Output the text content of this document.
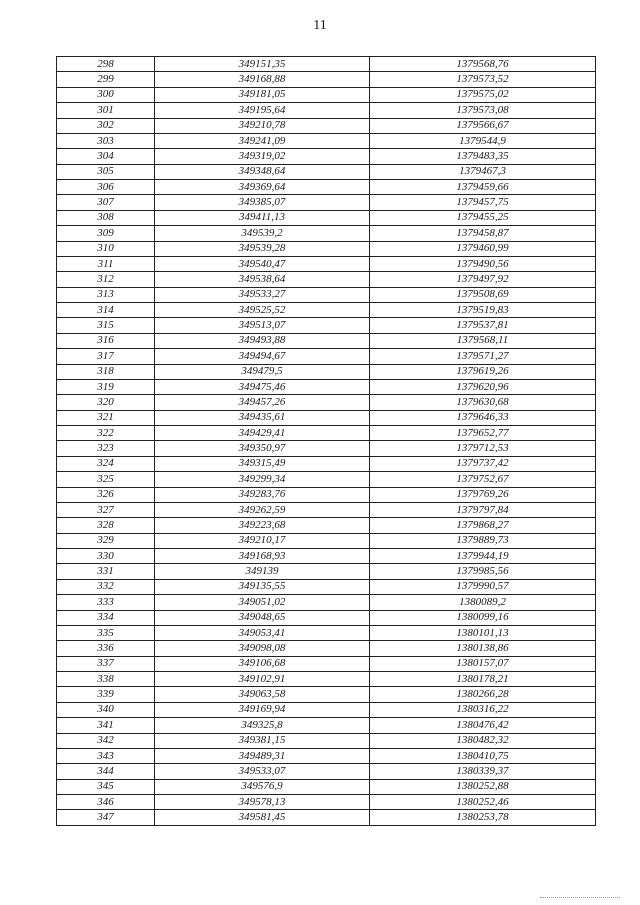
11
298	349151,35	1379568,76
299	349168,88	1379573,52
300	349181,05	1379575,02
301	349195,64	1379573,08
302	349210,78	1379566,67
303	349241,09	1379544,9
304	349319,02	1379483,35
305	349348,64	1379467,3
306	349369,64	1379459,66
307	349385,07	1379457,75
308	349411,13	1379455,25
309	349539,2	1379458,87
310	349539,28	1379460,99
311	349540,47	1379490,56
312	349538,64	1379497,92
313	349533,27	1379508,69
314	349525,52	1379519,83
315	349513,07	1379537,81
316	349493,88	1379568,11
317	349494,67	1379571,27
318	349479,5	1379619,26
319	349475,46	1379620,96
320	349457,26	1379630,68
321	349435,61	1379646,33
322	349429,41	1379652,77
323	349350,97	1379712,53
324	349315,49	1379737,42
325	349299,34	1379752,67
326	349283,76	1379769,26
327	349262,59	1379797,84
328	349223,68	1379868,27
329	349210,17	1379889,73
330	349168,93	1379944,19
331	349139	1379985,56
332	349135,55	1379990,57
333	349051,02	1380089,2
334	349048,65	1380099,16
335	349053,41	1380101,13
336	349098,08	1380138,86
337	349106,68	1380157,07
338	349102,91	1380178,21
339	349063,58	1380266,28
340	349169,94	1380316,22
341	349325,8	1380476,42
342	349381,15	1380482,32
343	349489,31	1380410,75
344	349533,07	1380339,37
345	349576,9	1380252,88
346	349578,13	1380252,46
347	349581,45	1380253,78
